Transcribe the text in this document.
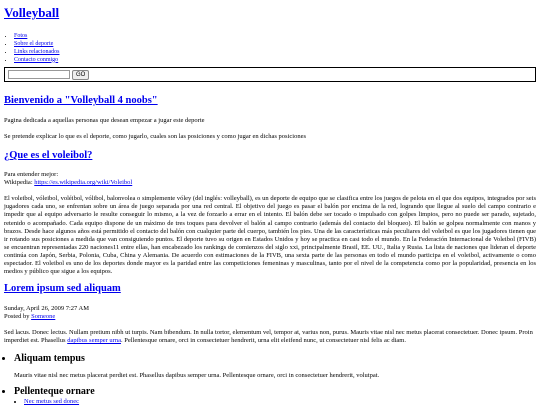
Volleyball
• Fotos
• Sobre el deporte
• Links relacionados
• Contacto conmigo
GO
Bienvenido a "Volleyball 4 noobs"

Pagina dedicada a aquellas personas que desean empezar a jugar este deporte

Se pretende explicar lo que es el deporte, como jugarlo, cuales son las posiciones y como jugar en dichas posiciones

¿Que es el voleibol?
Para entender mejor:
Wikipedia: https://es.wikipedia.org/wiki/Voleibol
El voleibol, vóleibol, voléibol, vólibol, balonvolea o simplemente vóley (del inglés: volleyball), es un deporte de equipo que se clasifica entre los juegos de pelota en el que dos equipos, integrados por seis jugadores cada uno, se enfrentan sobre un área de juego separada por una red central. El objetivo del juego es pasar el balón por encima de la red, logrando que llegue al suelo del campo contrario e impedir que al equipo adversario le resulte conseguir lo mismo, a la vez de forzarlo a errar en el intento. El balón debe ser tocado o impulsado con golpes limpios, pero no puede ser parado, sujetado, retenido o acompañado. Cada equipo dispone de un máximo de tres toques para devolver el balón al campo contrario (además del contacto del bloqueo). El balón se golpea normalmente con manos y brazos. Desde hace algunos años está permitido el contacto del balón con cualquier parte del cuerpo, también los pies. Una de las características más peculiares del voleibol es que los jugadores tienen que ir rotando sus posiciones a medida que van consiguiendo puntos. El deporte tuvo su origen en Estados Unidos y hoy se practica en casi todo el mundo. En la Federación Internacional de Voleibol (FIVB) se encuentran representadas 220 naciones11 entre ellas, han encabezado los rankings de comienzos del siglo xxi, principalmente Brasil, EE. UU., Italia y Rusia. La lista de naciones que lideran el deporte continúa con Japón, Serbia, Polonia, Cuba, China y Alemania. De acuerdo con estimaciones de la FIVB, una sexta parte de las personas en todo el mundo participa en el voleibol, activamente o como espectador. El voleibol es uno de los deportes donde mayor es la paridad entre las competiciones femeninas y masculinas, tanto por el nivel de la competencia como por la popularidad, presencia en los medios y público que sigue a los equipos.
Lorem ipsum sed aliquam
Sunday, April 26, 2009 7:27 AM
Posted by Someone

Sed lacus. Donec lectus. Nullam pretium nibh ut turpis. Nam bibendum. In nulla tortor, elementum vel, tempor at, varius non, purus. Mauris vitae nisl nec metus placerat consectetuer. Donec ipsum. Proin imperdiet est. Phasellus dapibus semper urna. Pellentesque ornare, orci in consectetuer hendrerit, urna elit eleifend nunc, ut consectetuer nisl felis ac diam.

• Aliquam tempus

Mauris vitae nisl nec metus placerat perdiet est. Phasellus dapibus semper urna. Pellentesque ornare, orci in consectetuer hendrerit, volutpat.

• Pellenteque ornare
• Nec metus sed donec
